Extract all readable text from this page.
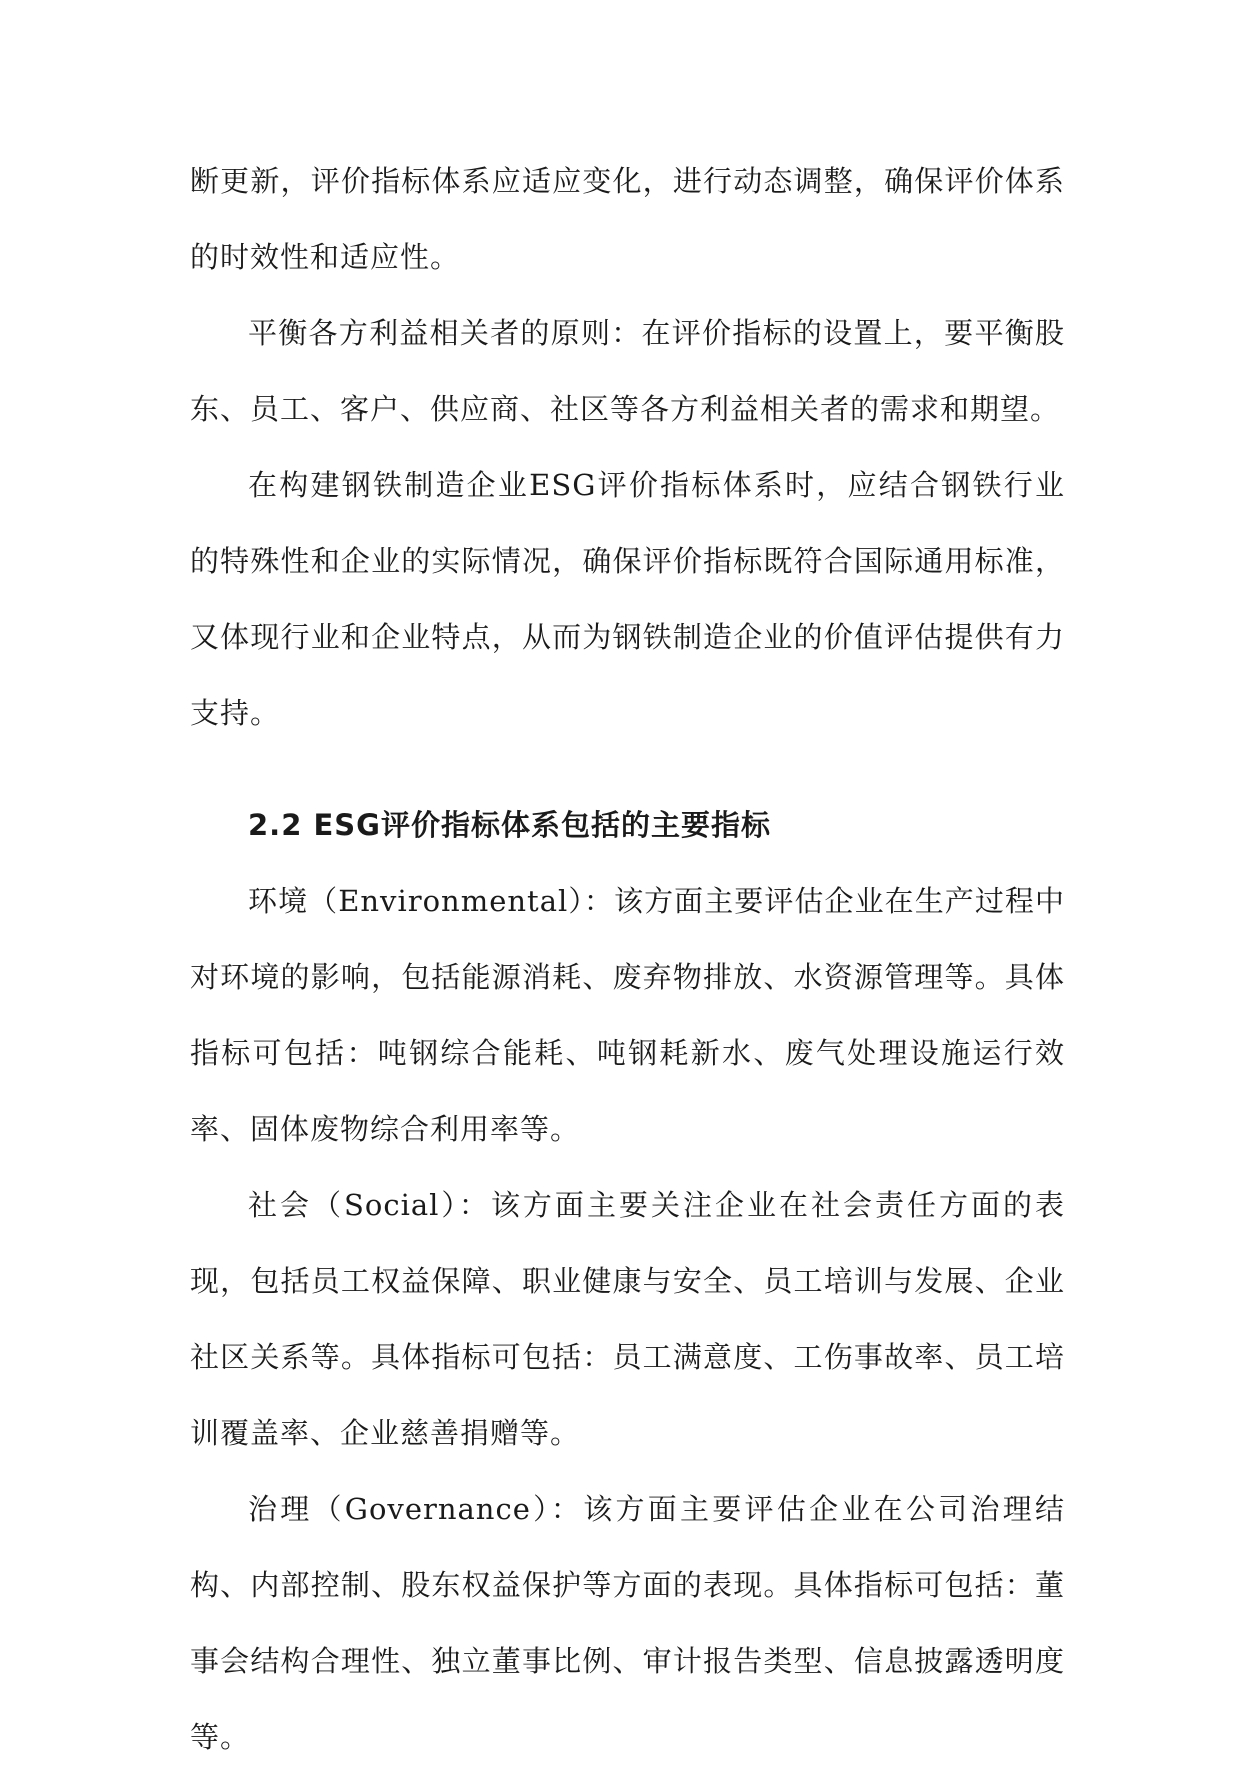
断更新，评价指标体系应适应变化，进行动态调整，确保评价体系的时效性和适应性。

平衡各方利益相关者的原则：在评价指标的设置上，要平衡股东、员工、客户、供应商、社区等各方利益相关者的需求和期望。

在构建钢铁制造企业ESG评价指标体系时，应结合钢铁行业的特殊性和企业的实际情况，确保评价指标既符合国际通用标准，又体现行业和企业特点，从而为钢铁制造企业的价值评估提供有力支持。

2.2 ESG评价指标体系包括的主要指标

环境（Environmental）：该方面主要评估企业在生产过程中对环境的影响，包括能源消耗、废弃物排放、水资源管理等。具体指标可包括：吨钢综合能耗、吨钢耗新水、废气处理设施运行效率、固体废物综合利用率等。

社会（Social）：该方面主要关注企业在社会责任方面的表现，包括员工权益保障、职业健康与安全、员工培训与发展、企业社区关系等。具体指标可包括：员工满意度、工伤事故率、员工培训覆盖率、企业慈善捐赠等。

治理（Governance）：该方面主要评估企业在公司治理结构、内部控制、股东权益保护等方面的表现。具体指标可包括：董事会结构合理性、独立董事比例、审计报告类型、信息披露透明度等。
